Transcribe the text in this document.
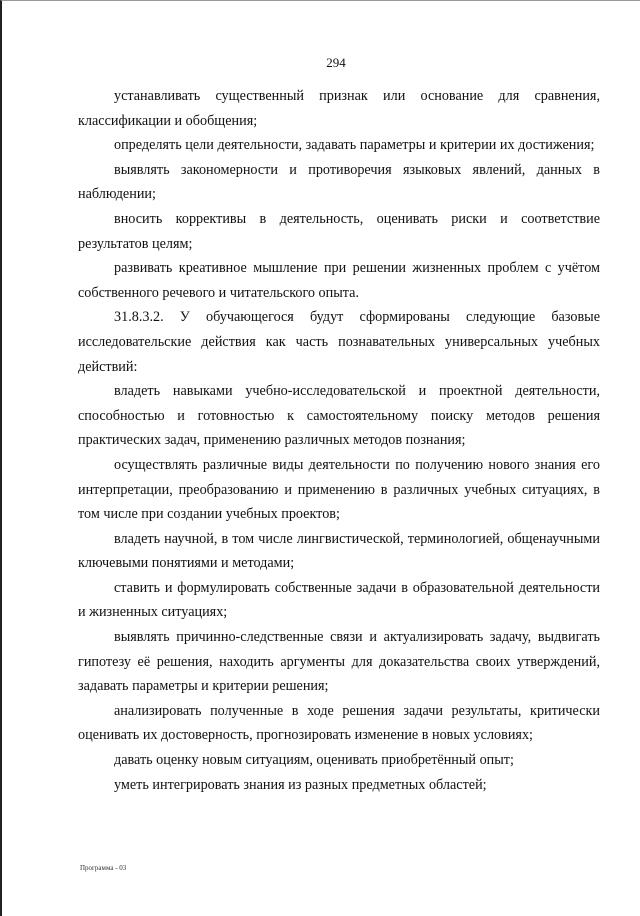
294

устанавливать существенный признак или основание для сравнения, классификации и обобщения;

определять цели деятельности, задавать параметры и критерии их достижения;

выявлять закономерности и противоречия языковых явлений, данных в наблюдении;

вносить коррективы в деятельность, оценивать риски и соответствие результатов целям;

развивать креативное мышление при решении жизненных проблем с учётом собственного речевого и читательского опыта.

31.8.3.2. У обучающегося будут сформированы следующие базовые исследовательские действия как часть познавательных универсальных учебных действий:

владеть навыками учебно-исследовательской и проектной деятельности, способностью и готовностью к самостоятельному поиску методов решения практических задач, применению различных методов познания;

осуществлять различные виды деятельности по получению нового знания его интерпретации, преобразованию и применению в различных учебных ситуациях, в том числе при создании учебных проектов;

владеть научной, в том числе лингвистической, терминологией, общенаучными ключевыми понятиями и методами;

ставить и формулировать собственные задачи в образовательной деятельности и жизненных ситуациях;

выявлять причинно-следственные связи и актуализировать задачу, выдвигать гипотезу её решения, находить аргументы для доказательства своих утверждений, задавать параметры и критерии решения;

анализировать полученные в ходе решения задачи результаты, критически оценивать их достоверность, прогнозировать изменение в новых условиях;

давать оценку новым ситуациям, оценивать приобретённый опыт;

уметь интегрировать знания из разных предметных областей;

Программа - 03
